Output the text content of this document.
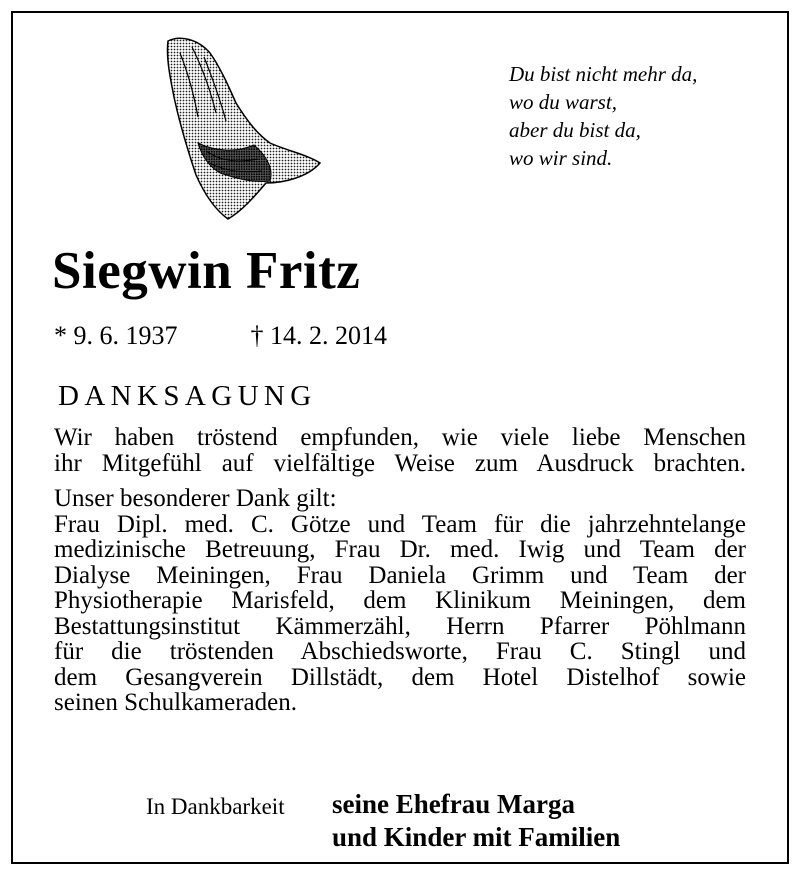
Du bist nicht mehr da,
wo du warst,
aber du bist da,
wo wir sind.
Siegwin Fritz
* 9. 6. 1937	† 14. 2. 2014
DANKSAGUNG
Wir haben tröstend empfunden, wie viele liebe Menschen
ihr Mitgefühl auf vielfältige Weise zum Ausdruck brachten.
Unser besonderer Dank gilt:
Frau Dipl. med. C. Götze und Team für die jahrzehntelange
medizinische Betreuung, Frau Dr. med. Iwig und Team der
Dialyse Meiningen, Frau Daniela Grimm und Team der
Physiotherapie Marisfeld, dem Klinikum Meiningen, dem
Bestattungsinstitut Kämmerzähl, Herrn Pfarrer Pöhlmann
für die tröstenden Abschiedsworte, Frau C. Stingl und
dem Gesangverein Dillstädt, dem Hotel Distelhof sowie
seinen Schulkameraden.
In Dankbarkeit seine Ehefrau Marga
und Kinder mit Familien
